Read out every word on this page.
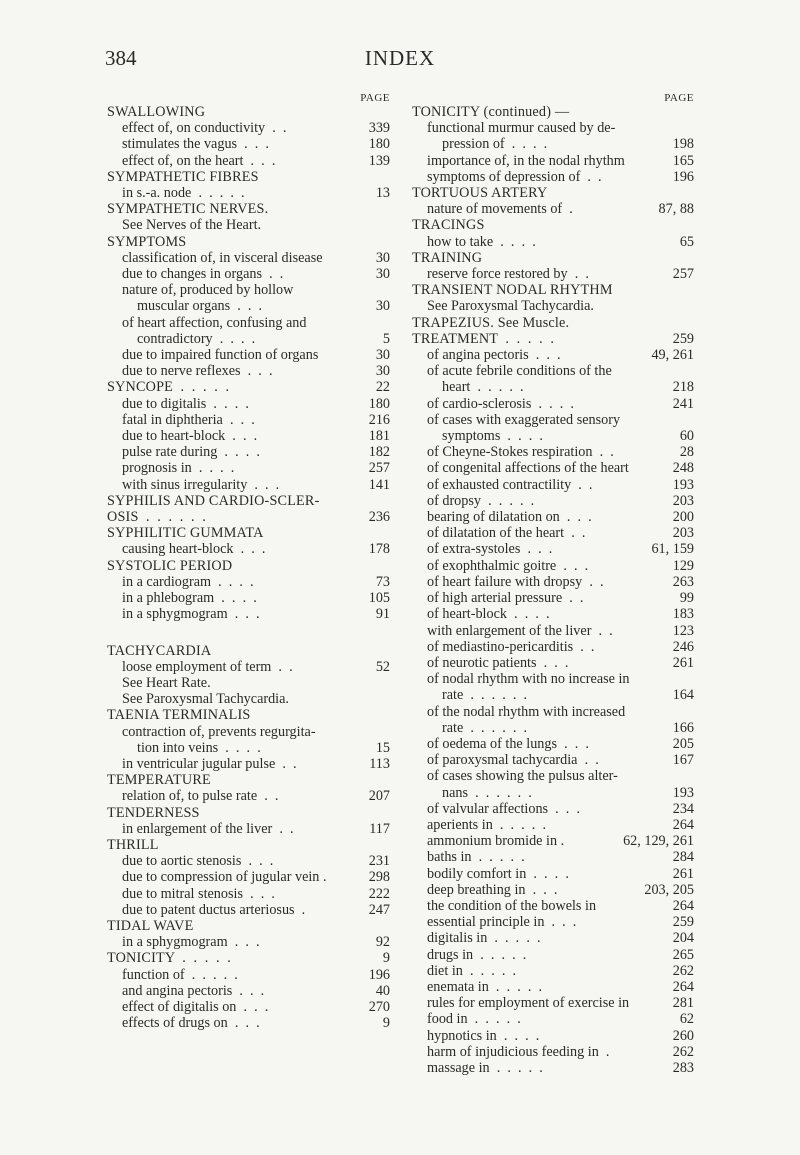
INDEX
384
PAGE
SWALLOWING
effect of, on conductivity  .  .	339
stimulates the vagus  .  .  .	180
effect of, on the heart  .  .  .	139
SYMPATHETIC FIBRES
in s.-a. node  .  .  .  .  .	13
SYMPATHETIC NERVES.
See Nerves of the Heart.
SYMPTOMS
classification of, in visceral disease	30
due to changes in organs  .  .	30
nature of, produced by hollow muscular organs  .  .  .	30
of heart affection, confusing and contradictory  .  .  .  .	5
due to impaired function of organs	30
due to nerve reflexes  .  .  .	30
SYNCOPE  .  .  .  .  .	22
due to digitalis  .  .  .  .	180
fatal in diphtheria  .  .  .	216
due to heart-block  .  .  .	181
pulse rate during  .  .  .  .	182
prognosis in  .  .  .  .	257
with sinus irregularity  .  .  .	141
SYPHILIS AND CARDIO-SCLER- OSIS  .  .  .  .  .  .	236
SYPHILITIC GUMMATA
causing heart-block  .  .  .	178
SYSTOLIC PERIOD
in a cardiogram  .  .  .  .	73
in a phlebogram  .  .  .  .	105
in a sphygmogram  .  .  .	91
TACHYCARDIA
loose employment of term  .  .	52
See Heart Rate.
See Paroxysmal Tachycardia.
TAENIA TERMINALIS
contraction of, prevents regurgita- tion into veins  .  .  .  .	15
in ventricular jugular pulse  .  .	113
TEMPERATURE
relation of, to pulse rate  .  .	207
TENDERNESS
in enlargement of the liver  .  .	117
THRILL
due to aortic stenosis  .  .  .	231
due to compression of jugular vein .	298
due to mitral stenosis  .  .  .	222
due to patent ductus arteriosus  .	247
TIDAL WAVE
in a sphygmogram  .  .  .	92
TONICITY  .  .  .  .  .	9
function of  .  .  .  .  .	196
and angina pectoris  .  .  .	40
effect of digitalis on  .  .  .	270
effects of drugs on  .  .  .	9
PAGE
TONICITY (continued) —
functional murmur caused by de- pression of  .  .  .  .	198
importance of, in the nodal rhythm	165
symptoms of depression of  .  .	196
TORTUOUS ARTERY
nature of movements of  .	87, 88
TRACINGS
how to take  .  .  .  .	65
TRAINING
reserve force restored by  .  .	257
TRANSIENT NODAL RHYTHM
See Paroxysmal Tachycardia.
TRAPEZIUS. See Muscle.
TREATMENT  .  .  .  .  .	259
of angina pectoris  .  .  .	49, 261
of acute febrile conditions of the heart  .  .  .  .  .	218
of cardio-sclerosis  .  .  .  .	241
of cases with exaggerated sensory symptoms  .  .  .  .	60
of Cheyne-Stokes respiration  .  .	28
of congenital affections of the heart	248
of exhausted contractility  .  .	193
of dropsy  .  .  .  .  .	203
bearing of dilatation on  .  .  .	200
of dilatation of the heart  .  .	203
of extra-systoles  .  .  .	61, 159
of exophthalmic goitre  .  .  .	129
of heart failure with dropsy  .  .	263
of high arterial pressure  .  .	99
of heart-block  .  .  .  .	183
with enlargement of the liver  .  .	123
of mediastino-pericarditis  .  .	246
of neurotic patients  .  .  .	261
of nodal rhythm with no increase in rate  .  .  .  .  .  .	164
of the nodal rhythm with increased rate  .  .  .  .  .  .	166
of oedema of the lungs  .  .  .	205
of paroxysmal tachycardia  .  .	167
of cases showing the pulsus alter- nans  .  .  .  .  .  .	193
of valvular affections  .  .  .	234
aperients in  .  .  .  .  .	264
ammonium bromide in .	62, 129, 261
baths in  .  .  .  .  .	284
bodily comfort in  .  .  .  .	261
deep breathing in  .  .  .	203, 205
the condition of the bowels in	264
essential principle in  .  .  .	259
digitalis in  .  .  .  .  .	204
drugs in  .  .  .  .  .	265
diet in  .  .  .  .  .	262
enemata in  .  .  .  .  .	264
rules for employment of exercise in	281
food in  .  .  .  .  .	62
hypnotics in  .  .  .  .	260
harm of injudicious feeding in  .	262
massage in  .  .  .  .  .	283
